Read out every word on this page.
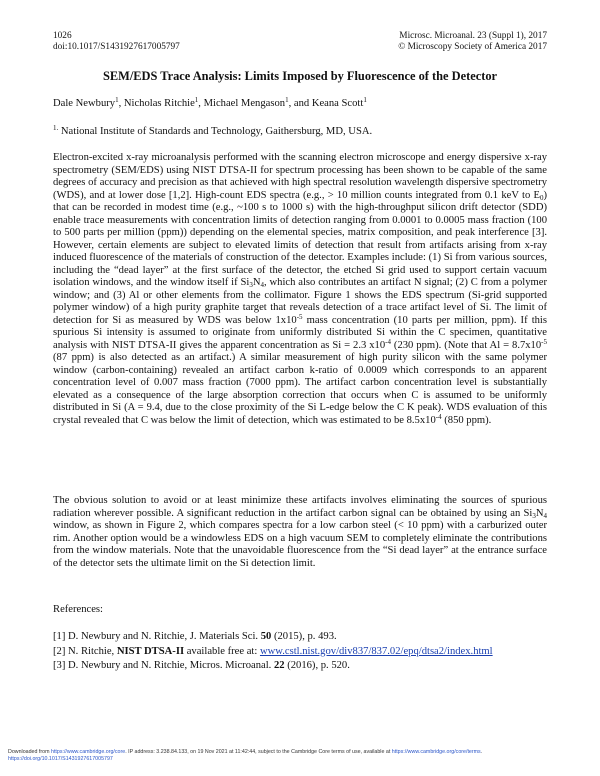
1026
doi:10.1017/S1431927617005797
Microsc. Microanal. 23 (Suppl 1), 2017
© Microscopy Society of America 2017
SEM/EDS Trace Analysis: Limits Imposed by Fluorescence of the Detector
Dale Newbury$^1$, Nicholas Ritchie$^1$, Michael Mengason$^1$, and Keana Scott$^1$
$^{1.}$ National Institute of Standards and Technology, Gaithersburg, MD, USA.

Electron-excited x-ray microanalysis performed with the scanning electron microscope and energy dispersive x-ray spectrometry (SEM/EDS) using NIST DTSA-II for spectrum processing has been shown to be capable of the same degrees of accuracy and precision as that achieved with high spectral resolution wavelength dispersive spectrometry (WDS), and at lower dose [1,2]. High-count EDS spectra (e.g., > 10 million counts integrated from 0.1 keV to $E_0$) that can be recorded in modest time (e.g., ~100 s to 1000 s) with the high-throughput silicon drift detector (SDD) enable trace measurements with concentration limits of detection ranging from 0.0001 to 0.0005 mass fraction (100 to 500 parts per million (ppm)) depending on the elemental species, matrix composition, and peak interference [3]. However, certain elements are subject to elevated limits of detection that result from artifacts arising from x-ray induced fluorescence of the materials of construction of the detector. Examples include: (1) Si from various sources, including the “dead layer” at the first surface of the detector, the etched Si grid used to support certain vacuum isolation windows, and the window itself if $Si_3N_4$, which also contributes an artifact N signal; (2) C from a polymer window; and (3) Al or other elements from the collimator. Figure 1 shows the EDS spectrum (Si-grid supported polymer window) of a high purity graphite target that reveals detection of a trace artifact level of Si. The limit of detection for Si as measured by WDS was below $1x10^{-5}$ mass concentration (10 parts per million, ppm). If this spurious Si intensity is assumed to originate from uniformly distributed Si within the C specimen, quantitative analysis with NIST DTSA-II gives the apparent concentration as Si = 2.3 $x10^{-4}$ (230 ppm). (Note that $Al = 8.7x10^{-5}$ (87 ppm) is also detected as an artifact.) A similar measurement of high purity silicon with the same polymer window (carbon-containing) revealed an artifact carbon k-ratio of 0.0009 which corresponds to an apparent concentration level of 0.007 mass fraction (7000 ppm). The artifact carbon concentration level is substantially elevated as a consequence of the large absorption correction that occurs when C is assumed to be uniformly distributed in Si (A = 9.4, due to the close proximity of the Si L-edge below the C K peak). WDS evaluation of this crystal revealed that C was below the limit of detection, which was estimated to be $8.5x10^{-4}$ (850 ppm).

The obvious solution to avoid or at least minimize these artifacts involves eliminating the sources of spurious radiation wherever possible. A significant reduction in the artifact carbon signal can be obtained by using an $Si_3N_4$ window, as shown in Figure 2, which compares spectra for a low carbon steel (< 10 ppm) with a carburized outer rim. Another option would be a windowless EDS on a high vacuum SEM to completely eliminate the contributions from the window materials. Note that the unavoidable fluorescence from the “Si dead layer” at the entrance surface of the detector sets the ultimate limit on the Si detection limit.

References:
[1] D. Newbury and N. Ritchie, J. Materials Sci. 50 (2015), p. 493.
[2] N. Ritchie, NIST DTSA-II available free at: www.cstl.nist.gov/div837/837.02/epq/dtsa2/index.html
[3] D. Newbury and N. Ritchie, Micros. Microanal. 22 (2016), p. 520.
Downloaded from https://www.cambridge.org/core. IP address: 3.238.84.133, on 19 Nov 2021 at 11:42:44, subject to the Cambridge Core terms of use, available at https://www.cambridge.org/core/terms.
https://doi.org/10.1017/S1431927617005797
